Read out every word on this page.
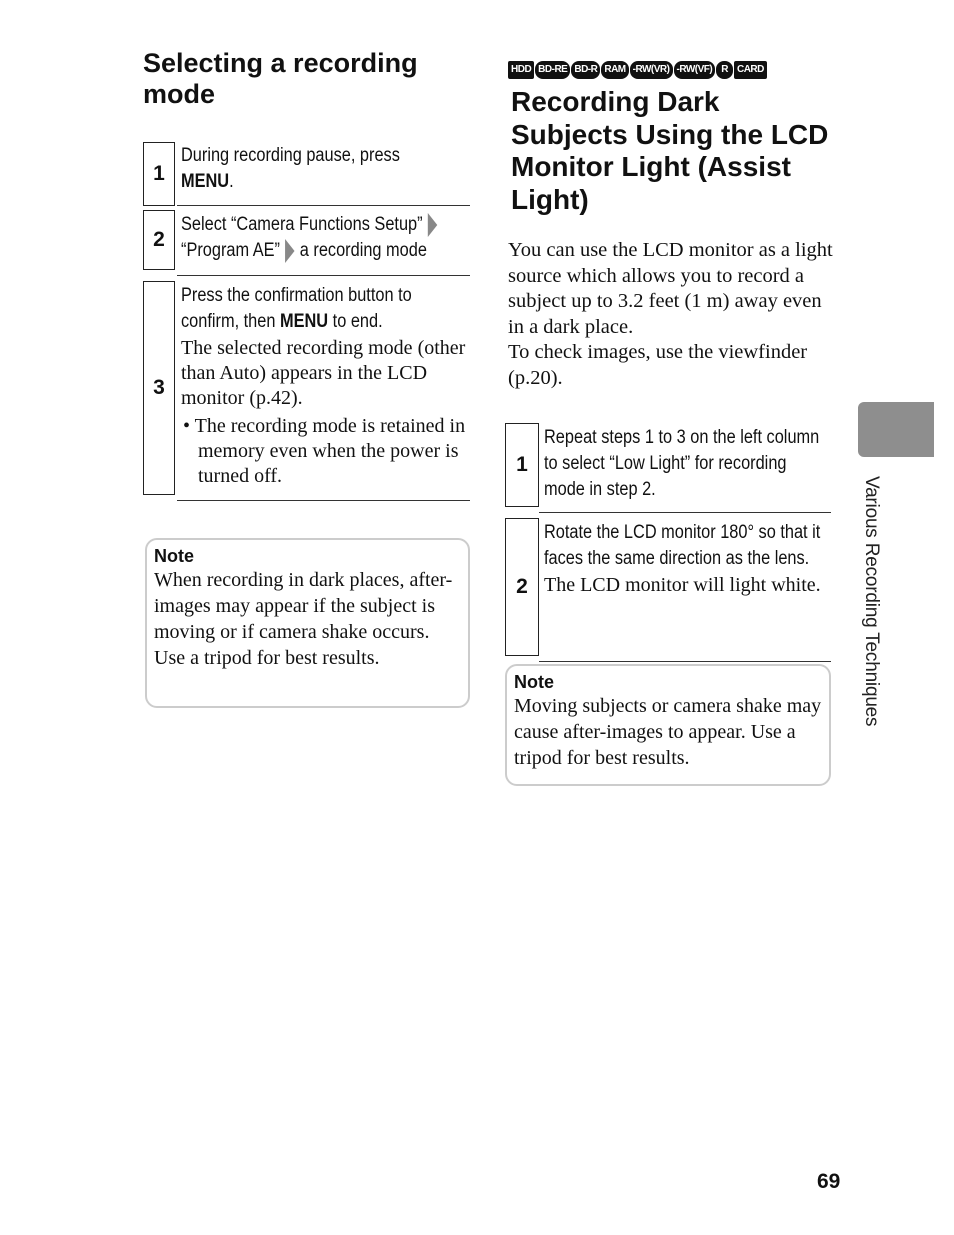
Selecting a recording mode
1
During recording pause, press
MENU.
2
Select “Camera Functions Setup”
“Program AE” a recording mode
3
Press the confirmation button to confirm, then MENU to end.
The selected recording mode (other than Auto) appears in the LCD monitor (p.42).
• The recording mode is retained in memory even when the power is turned off.
Note
When recording in dark places, after-images may appear if the subject is moving or if camera shake occurs. Use a tripod for best results.
HDD BD-RE BD-R RAM -RW(VR) -RW(VF) R CARD
Recording Dark Subjects Using the LCD Monitor Light (Assist Light)
You can use the LCD monitor as a light source which allows you to record a subject up to 3.2 feet (1 m) away even in a dark place.
To check images, use the viewfinder (p.20).
1
Repeat steps 1 to 3 on the left column to select “Low Light” for recording mode in step 2.
2
Rotate the LCD monitor 180° so that it faces the same direction as the lens.
The LCD monitor will light white.
Note
Moving subjects or camera shake may cause after-images to appear. Use a tripod for best results.
Various Recording Techniques
69
